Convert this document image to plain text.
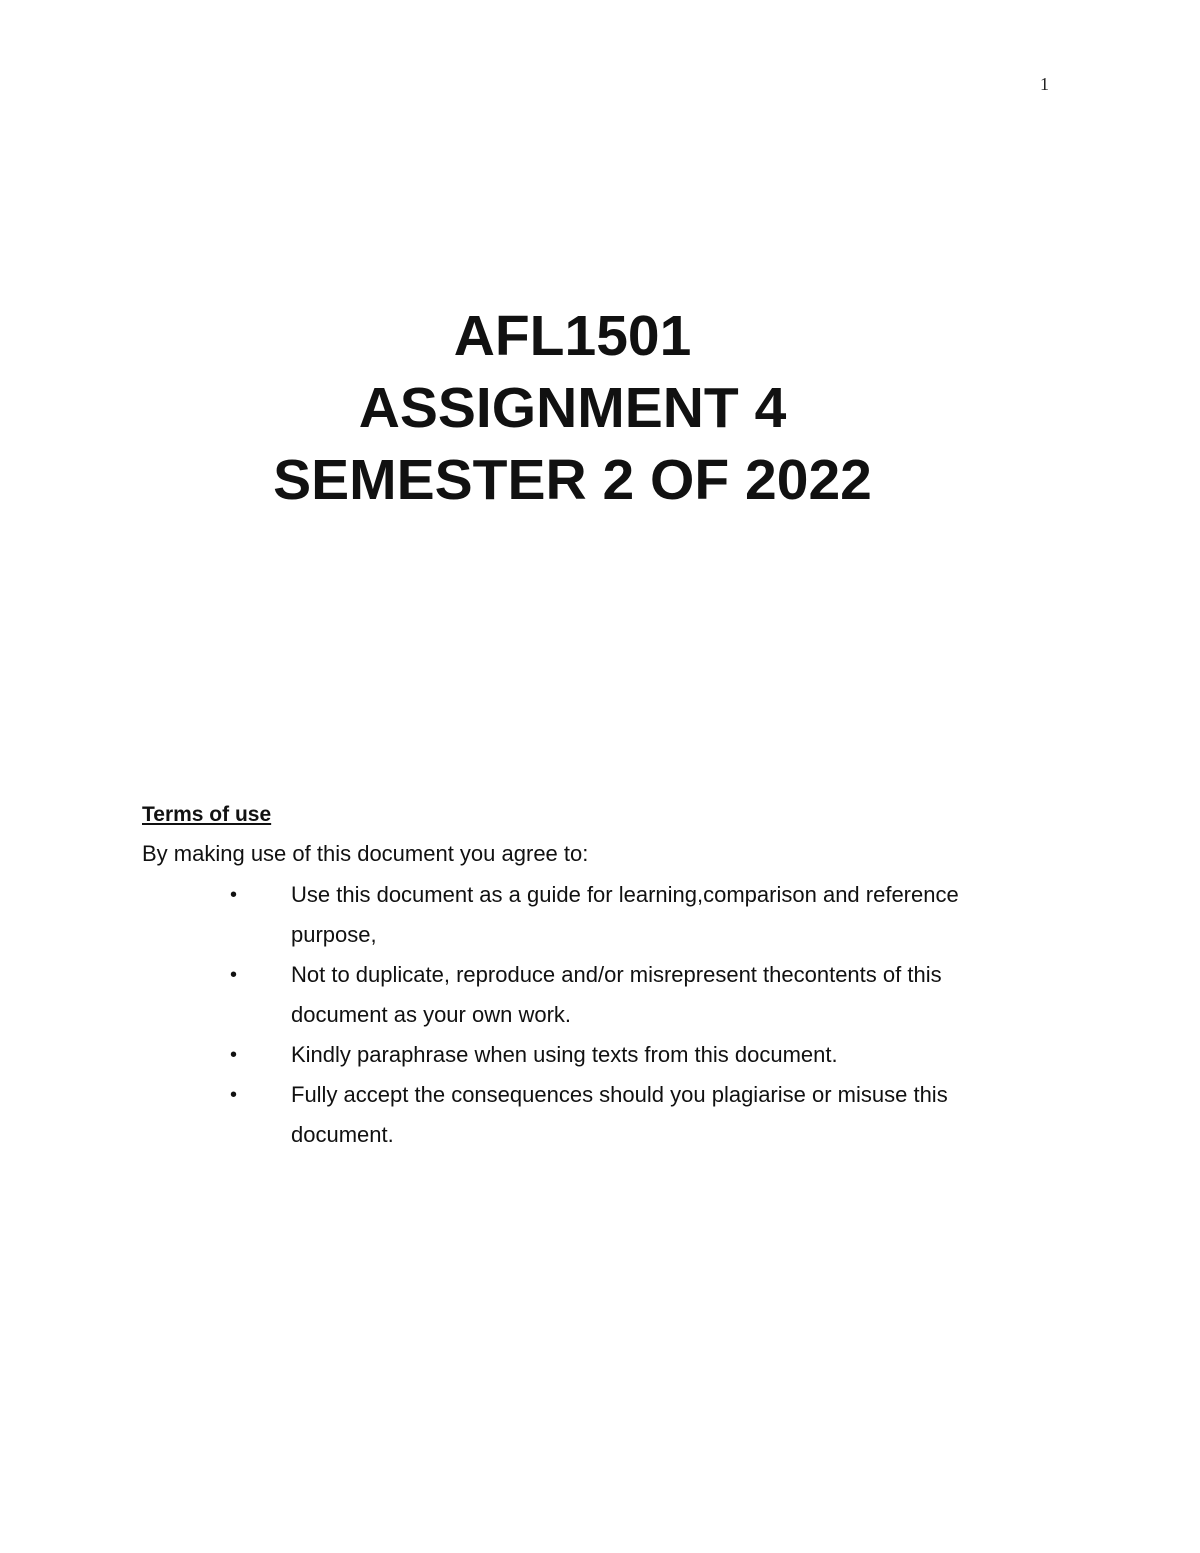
1
AFL1501
ASSIGNMENT 4
SEMESTER 2 OF 2022

Terms of use

By making use of this document you agree to:

• Use this document as a guide for learning,comparison and reference purpose,
• Not to duplicate, reproduce and/or misrepresent thecontents of this document as your own work.
• Kindly paraphrase when using texts from this document.
• Fully accept the consequences should you plagiarise or misuse this document.
